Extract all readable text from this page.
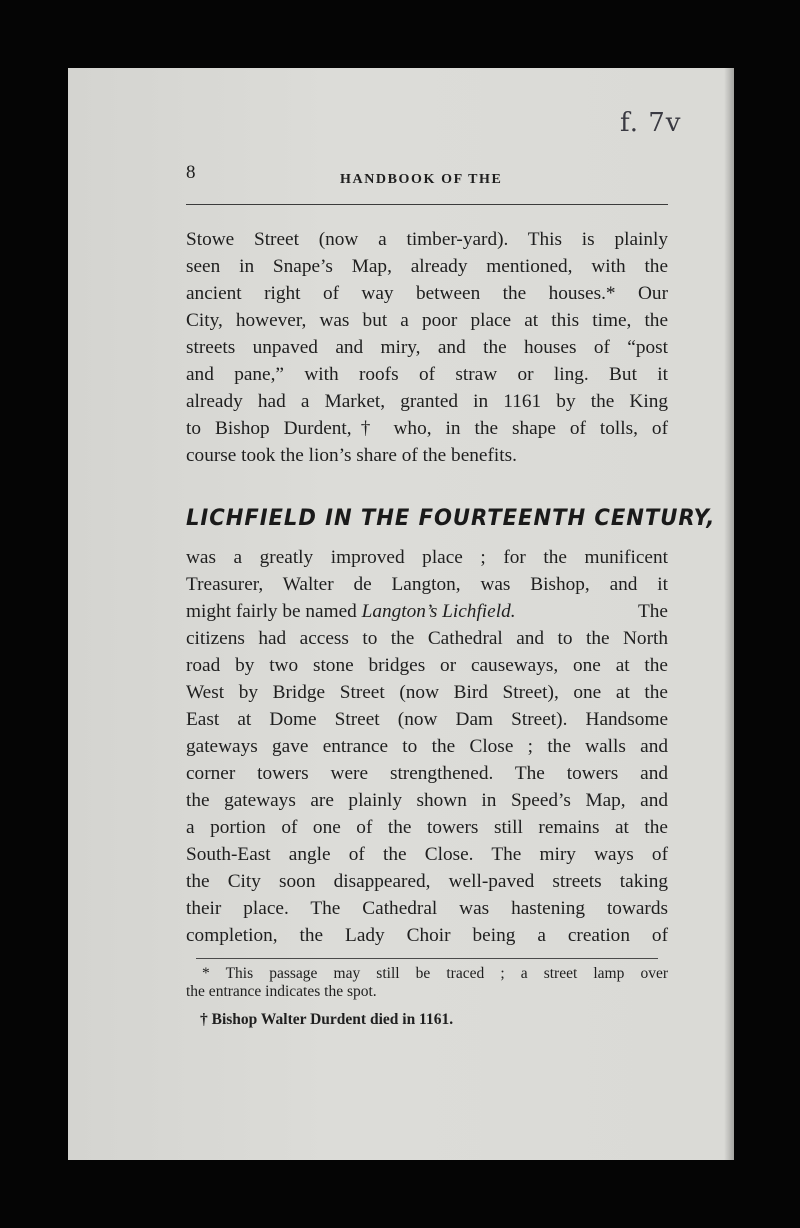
f. 7v
8	HANDBOOK OF THE
Stowe Street (now a timber-yard). This is plainly
seen in Snape’s Map, already mentioned, with the
ancient right of way between the houses.* Our
City, however, was but a poor place at this time, the
streets unpaved and miry, and the houses of “post
and pane,” with roofs of straw or ling. But it
already had a Market, granted in 1161 by the King
to Bishop Durdent,† who, in the shape of tolls, of
course took the lion’s share of the benefits.
LICHFIELD IN THE FOURTEENTH CENTURY,
was a greatly improved place ; for the munificent
Treasurer, Walter de Langton, was Bishop, and it
might fairly be named Langton’s Lichfield.	The
citizens had access to the Cathedral and to the North
road by two stone bridges or causeways, one at the
West by Bridge Street (now Bird Street), one at the
East at Dome Street (now Dam Street). Handsome
gateways gave entrance to the Close ; the walls and
corner towers were strengthened. The towers and
the gateways are plainly shown in Speed’s Map, and
a portion of one of the towers still remains at the
South-East angle of the Close. The miry ways of
the City soon disappeared, well-paved streets taking
their place. The Cathedral was hastening towards
completion, the Lady Choir being a creation of
* This passage may still be traced ; a street lamp over
the entrance indicates the spot.
† Bishop Walter Durdent died in 1161.
